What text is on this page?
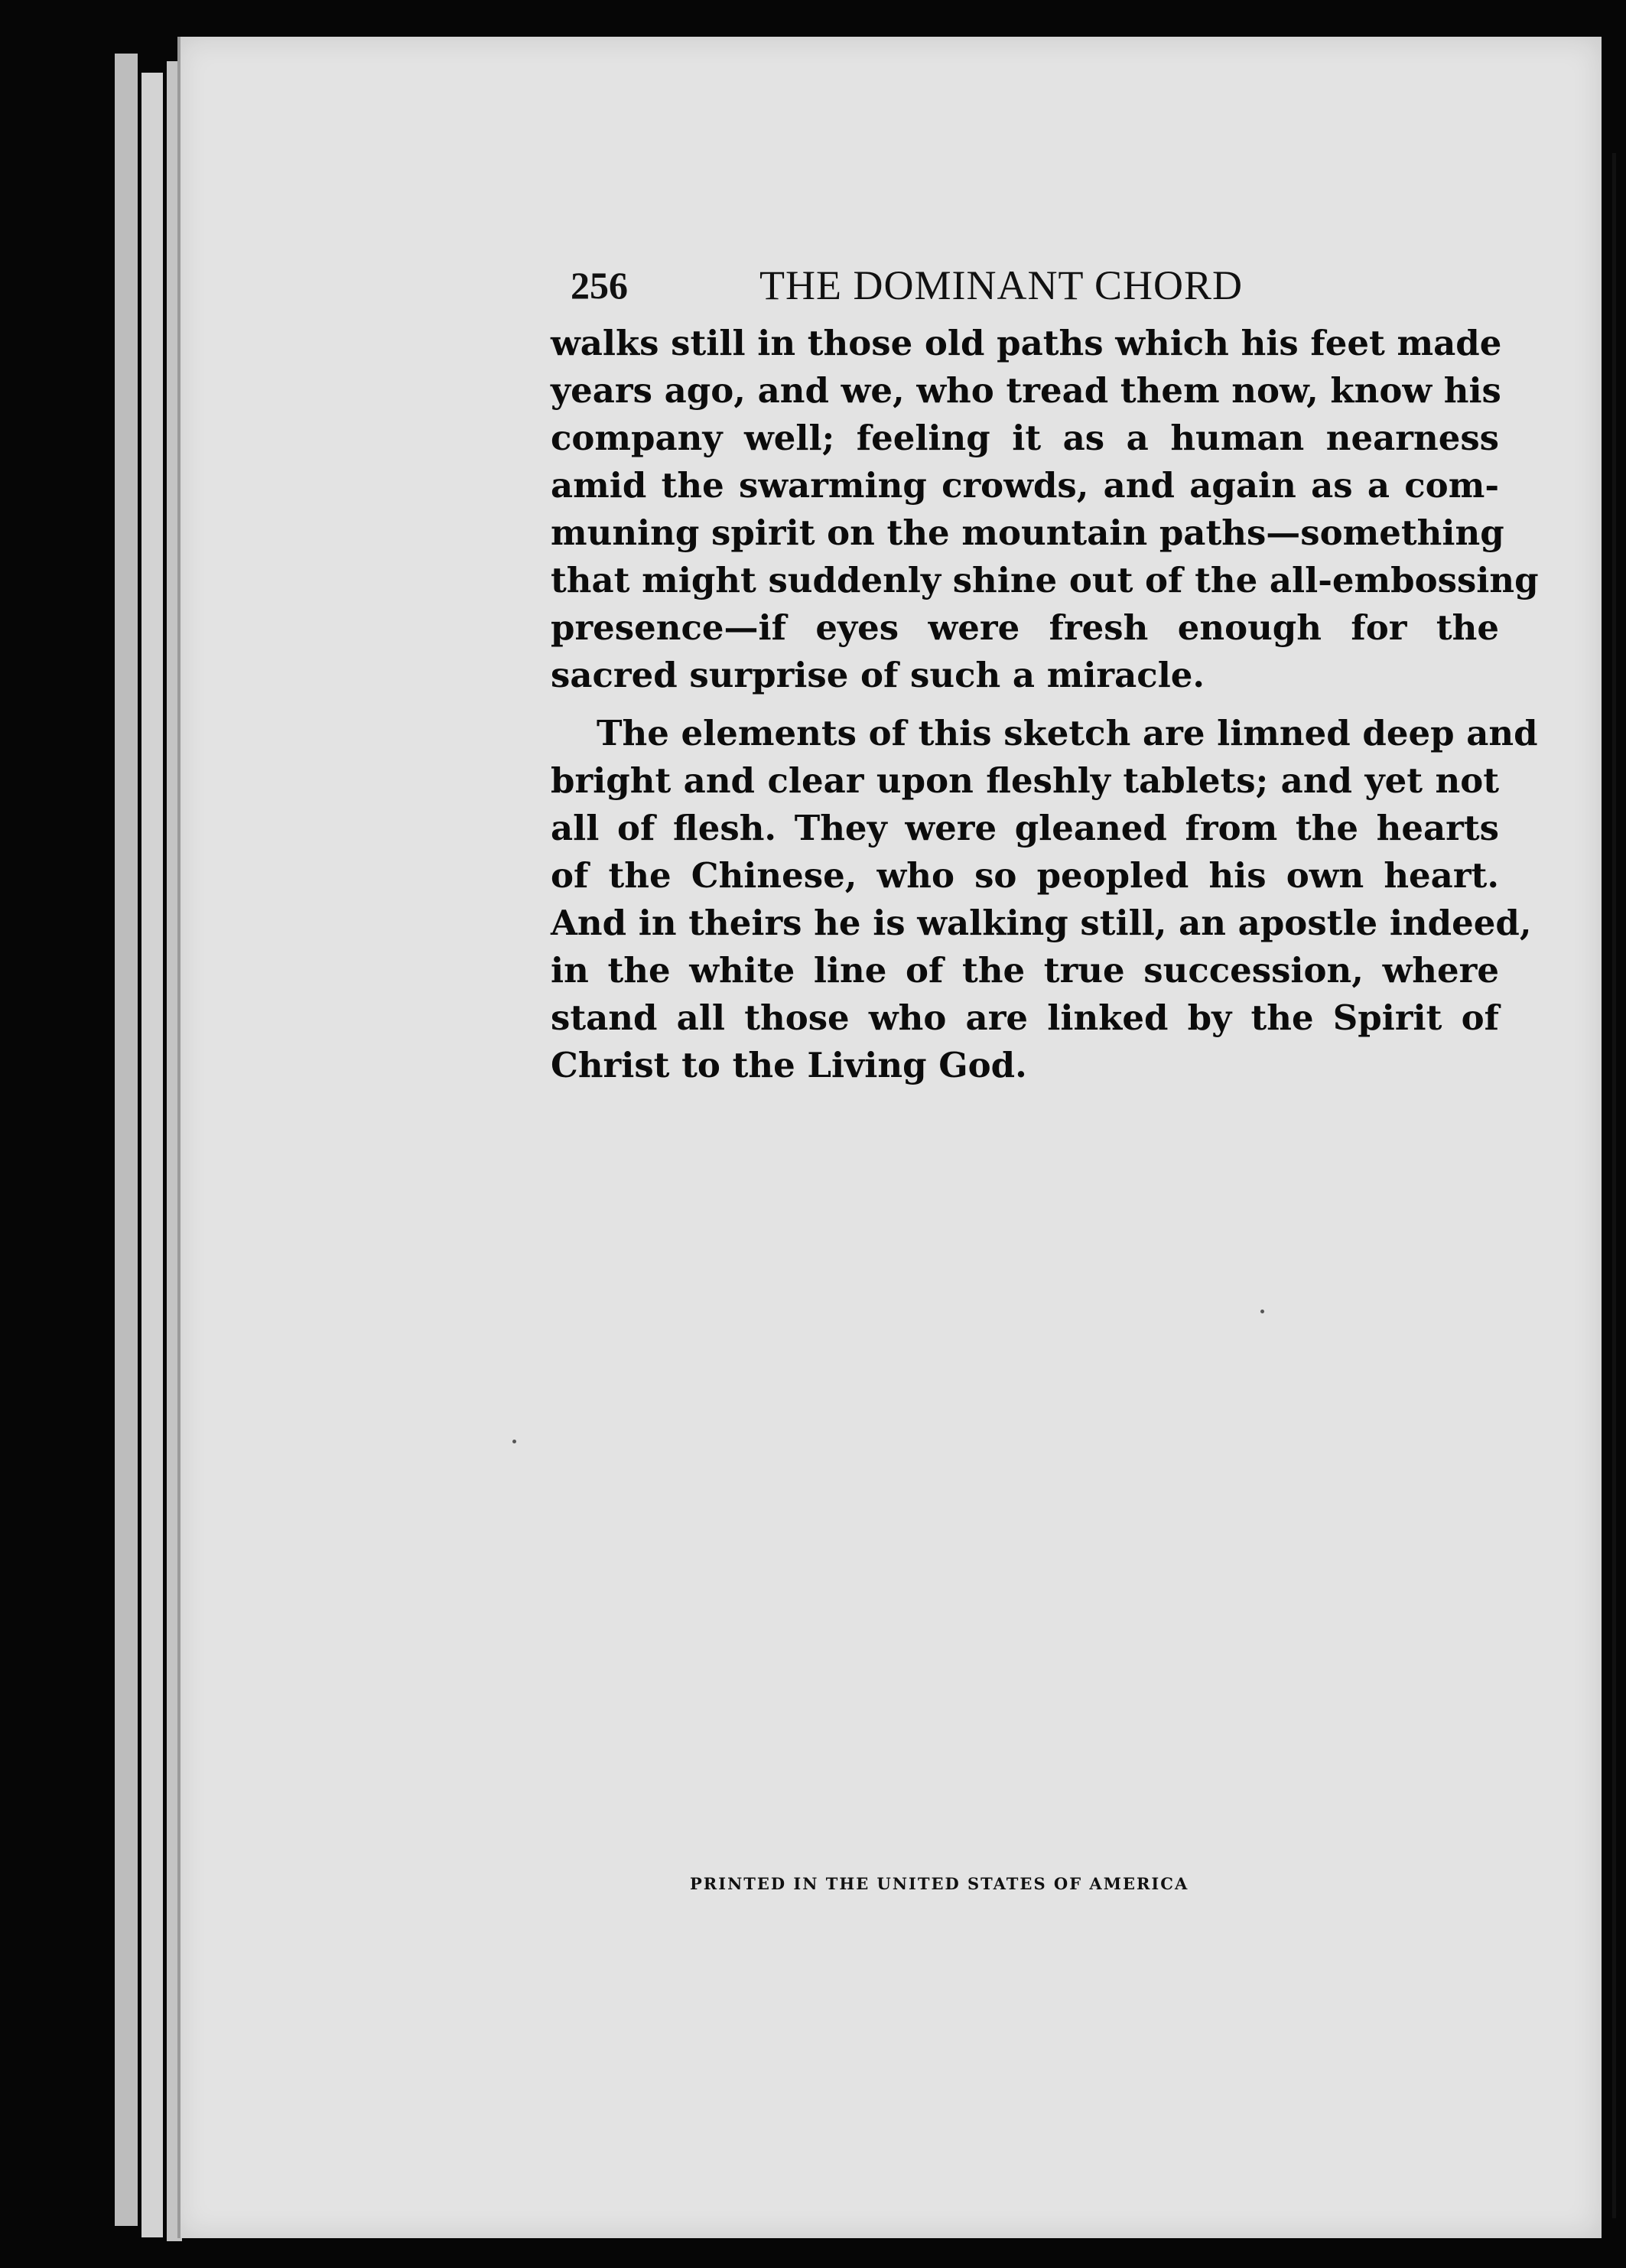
256	THE DOMINANT CHORD
walks still in those old paths which his feet made
years ago, and we, who tread them now, know his
company well; feeling it as a human nearness
amid the swarming crowds, and again as a com-
muning spirit on the mountain paths—something
that might suddenly shine out of the all-embossing
presence—if eyes were fresh enough for the
sacred surprise of such a miracle.
The elements of this sketch are limned deep and
bright and clear upon fleshly tablets; and yet not
all of flesh. They were gleaned from the hearts
of the Chinese, who so peopled his own heart.
And in theirs he is walking still, an apostle indeed,
in the white line of the true succession, where
stand all those who are linked by the Spirit of
Christ to the Living God.
PRINTED IN THE UNITED STATES OF AMERICA
